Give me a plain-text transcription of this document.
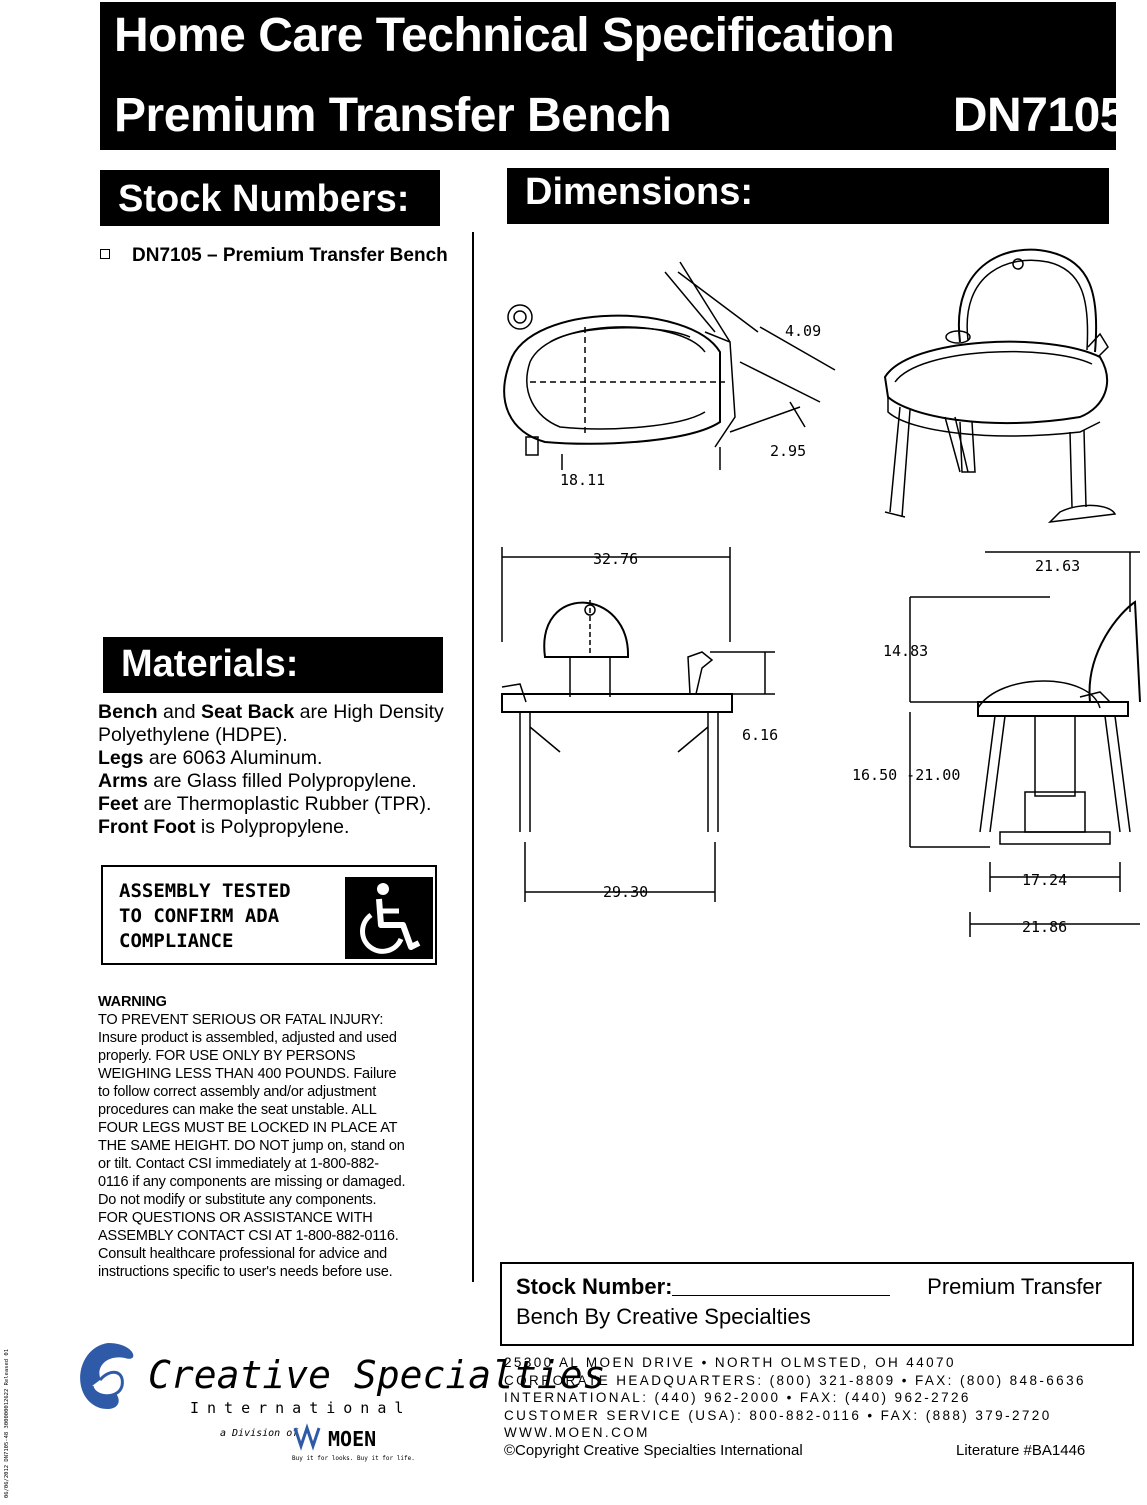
Home Care Technical Specification
Premium Transfer Bench	DN7105
Stock Numbers:	Dimensions:
DN7105 – Premium Transfer Bench
Materials:
Bench and Seat Back are High Density Polyethylene (HDPE).
Legs are 6063 Aluminum.
Arms are Glass filled Polypropylene.
Feet are Thermoplastic Rubber (TPR).
Front Foot is Polypropylene.
ASSEMBLY TESTED
TO CONFIRM ADA
COMPLIANCE
WARNING
TO PREVENT SERIOUS OR FATAL INJURY:
Insure product is assembled, adjusted and used
properly. FOR USE ONLY BY PERSONS
WEIGHING LESS THAN 400 POUNDS. Failure
to follow correct assembly and/or adjustment
procedures can make the seat unstable. ALL
FOUR LEGS MUST BE LOCKED IN PLACE AT
THE SAME HEIGHT. DO NOT jump on, stand on
or tilt. Contact CSI immediately at 1-800-882-
0116 if any components are missing or damaged.
Do not modify or substitute any components.
FOR QUESTIONS OR ASSISTANCE WITH
ASSEMBLY CONTACT CSI AT 1-800-882-0116.
Consult healthcare professional for advice and
instructions specific to user's needs before use.
4.09
2.95
18.11
32.76
6.16
29.30
21.63
14.83
16.50 -21.00
17.24
21.86
Stock Number:	Premium Transfer
Bench By Creative Specialties
25300 AL MOEN DRIVE • NORTH OLMSTED, OH 44070
CORPORATE HEADQUARTERS: (800) 321-8809 • FAX: (800) 848-6636
INTERNATIONAL: (440) 962-2000 • FAX: (440) 962-2726
CUSTOMER SERVICE (USA): 800-882-0116 • FAX: (888) 379-2720
WWW.MOEN.COM
©Copyright Creative Specialties International	Literature #BA1446
Creative Specialties
International
a Division of MOEN
Buy it for looks. Buy it for life.
06/06/2012 DN7105-48 300000012622 Released 01
